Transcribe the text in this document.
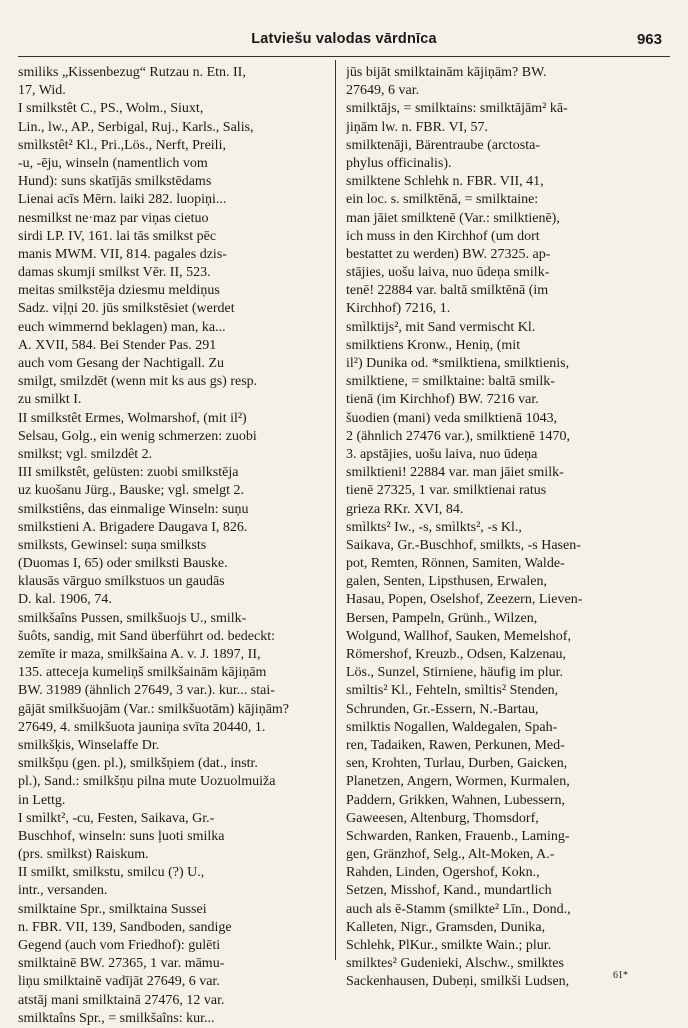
Latviešu valodas vārdnīca	963
smiliks „Kissenbezug“ Rutzau n. Etn. II,
17, Wid.
I smilkstêt C., PS., Wolm., Siuxt,
Lin., lw., AP., Serbigal, Ruj., Karls., Salis,
smìlkstêt² Kl., Pri.,Lös., Nerft, Preili,
-u, -ēju, winseln (namentlich vom
Hund): suns skatījās smilkstēdams
Lienai acīs Mērn. laiki 282. luopiņi...
nesmilkst ne·maz par viņas cietuo
sirdi LP. IV, 161. lai tās smilkst pēc
manis MWM. VII, 814. pagales dzis-
damas skumji smilkst Vēr. II, 523.
meitas smilkstēja dziesmu meldiņus
Sadz. viļņi 20. jūs smilkstēsiet (werdet
euch wimmernd beklagen) man, ka...
A. XVII, 584. Bei Stender Pas. 291
auch vom Gesang der Nachtigall. Zu
smilgt, smilzdēt (wenn mit ks aus gs) resp.
zu smilkt I.
II smilkstêt Ermes, Wolmarshof, (mit il²)
Selsau, Golg., ein wenig schmerzen: zuobi
smilkst; vgl. smilzdêt 2.
III smilkstêt, gelüsten: zuobi smilkstēja
uz kuošanu Jürg., Bauske; vgl. smelgt 2.
smilkstiêns, das einmalige Winseln: suņu
smilkstieni A. Brigadere Daugava I, 826.
smilksts, Gewinsel: suņa smilksts
(Duomas I, 65) oder smilksti Bauske.
klausās vārguo smilkstuos un gaudās
D. kal. 1906, 74.
smilkšaîns Pussen, smilkšuojs U., smilk-
šuôts, sandig, mit Sand überführt od. bedeckt:
zemīte ir maza, smilkšaina A. v. J. 1897, II,
135. atteceja kumeliņš smilkšainām kājiņām
BW. 31989 (ähnlich 27649, 3 var.). kur... stai-
gājāt smilkšuojām (Var.: smilkšuotām) kājiņām?
27649, 4. smilkšuota jauniņa svīta 20440, 1.
smilkšķis, Winselaffe Dr.
smilkšņu (gen. pl.), smilkšņiem (dat., instr.
pl.), Sand.: smilkšņu pilna mute Uozuolmuiža
in Lettg.
I smìlkt², -cu, Festen, Saikava, Gr.-
Buschhof, winseln: suns ļuoti smilka
(prs. smìlkst) Raiskum.
II smilkt, smilkstu, smilcu (?) U.,
intr., versanden.
smilktaine Spr., smilktaina Sussei
n. FBR. VII, 139, Sandboden, sandige
Gegend (auch vom Friedhof): gulēti
smilktainē BW. 27365, 1 var. māmu-
liņu smilktainē vadījāt 27649, 6 var.
atstāj mani smilktainā 27476, 12 var.
smilktaîns Spr., = smilkšaîns: kur...
jūs bijāt smilktainām kājiņām? BW.
27649, 6 var.
smilktājs, = smilktains: smilktājām² kā-
jiņām lw. n. FBR. VI, 57.
smilktenāji, Bärentraube (arctosta-
phylus officinalis).
smilktene Schlehk n. FBR. VII, 41,
ein loc. s. smilktēnā, = smilktaine:
man jāiet smilktenē (Var.: smilktienē),
ich muss in den Kirchhof (um dort
bestattet zu werden) BW. 27325. ap-
stājies, uošu laiva, nuo ūdeņa smilk-
tenē! 22884 var. baltā smilktēnā (im
Kirchhof) 7216, 1.
smìlktijs², mit Sand vermischt Kl.
smilktiens Kronw., Heniņ, (mit
il²) Dunika od. *smilktiena, smilktienis,
smilktiene, = smilktaine: baltā smilk-
tienā (im Kirchhof) BW. 7216 var.
šuodien (mani) veda smilktienā 1043,
2 (ähnlich 27476 var.), smilktienē 1470,
3. apstājies, uošu laiva, nuo ūdeņa
smilktieni! 22884 var. man jāiet smilk-
tienē 27325, 1 var. smilktienai ratus
grieza RKr. XVI, 84.
smìlkts² Iw., -s, smìlkts², -s Kl.,
Saikava, Gr.-Buschhof, smilkts, -s Hasen-
pot, Remten, Rönnen, Samiten, Walde-
galen, Senten, Lipsthusen, Erwalen,
Hasau, Popen, Oselshof, Zeezern, Lieven-
Bersen, Pampeln, Grünh., Wilzen,
Wolgund, Wallhof, Sauken, Memelshof,
Römershof, Kreuzb., Odsen, Kalzenau,
Lös., Sunzel, Stirniene, häufig im plur.
smìltis² Kl., Fehteln, smìltis² Stenden,
Schrunden, Gr.-Essern, N.-Bartau,
smilktis Nogallen, Waldegalen, Spah-
ren, Tadaiken, Rawen, Perkunen, Med-
sen, Krohten, Turlau, Durben, Gaicken,
Planetzen, Angern, Wormen, Kurmalen,
Paddern, Grikken, Wahnen, Lubessern,
Gaweesen, Altenburg, Thomsdorf,
Schwarden, Ranken, Frauenb., Laming-
gen, Gränzhof, Selg., Alt-Moken, A.-
Rahden, Linden, Ogershof, Kokn.,
Setzen, Misshof, Kand., mundartlich
auch als ē-Stamm (smilkte² Līn., Dond.,
Kalleten, Nigr., Gramsden, Dunika,
Schlehk, PlKur., smilkte Wain.; plur.
smilktes² Gudenieki, Alschw., smilktes
Sackenhausen, Dubeņi, smilkši Ludsen,	61*
